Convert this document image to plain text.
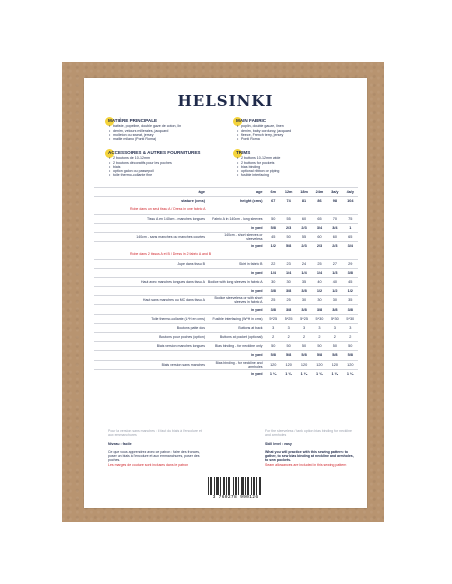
HELSINKI
MATIÈRE PRINCIPALE
• batiste, popeline, double gaze de coton, lin
• denim, velours milleraies, jacquard
• molleton ou sweat, jersey
• maille milano (Ponti Roma)
MAIN FABRIC
• poplin, double gauze, linen
• denim, baby corduroy, jacquard
• fleece, French terry, jersey
• Ponti Roma
ACCESSOIRES & AUTRES FOURNITURES
• 2 boutons de 10-12mm
• 2 boutons décoratifs pour les poches
• biais
• option galon ou passepoil
• toile thermo-collante fine
TRIMS
• 2 buttons 10-12mm wide
• 2 buttons for pockets
• bias binding
• optional ribbon or piping
• fusible interfacing
âge	age	6m	12m	18m	24m	3a/y	4a/y
stature (cms)	height (cms)	67	74	81	86	98	104
Robe dans un seul tissu A / Dress in one fabric A							
Tissu A en 140cm - manches longues	Fabric A in 140cm - long sleeves	50	55	60	65	70	75
	in yard	5/8	2/3	2/3	3/4	3/4	1
140cm - sans manches ou manches courtes	140cm - short sleeves or sleeveless	45	50	55	60	60	65
	in yard	1/2	5/8	2/3	2/3	2/3	3/4
Robe dans 2 tissus A et B / Dress in 2 fabric A and B							
Jupe dans tissu B	Skirt in fabric B	22	23	24	25	27	29
	in yard	1/4	1/4	1/4	1/4	1/3	3/8
Haut avec manches longues dans tissu A	Bodice with long sleeves in fabric A	30	30	35	40	40	45
	in yard	3/8	3/8	3/8	1/2	1/2	1/2
Haut sans manches ou MC dans tissu A	Bodice sleeveless or with short sleeves in fabric A	25	25	30	30	30	35
	in yard	3/8	3/8	3/8	3/8	3/8	3/8
Toile thermo-collante (L*H en cms)	Fusible interfacing (W*H in cms)	5*25	5*25	5*25	5*30	5*30	5*30
Boutons patte dos	Buttons at back	3	3	3	3	3	3
Boutons pour poches (option)	Buttons at pocket (optional)	2	2	2	2	2	2
Biais version manches longues	Bias binding - for neckline only	50	50	50	50	50	50
	in yard	5/8	5/8	5/8	5/8	5/8	5/8
Biais version sans manches	Bias binding - for neckline and armholes	120	120	120	120	120	120
	in yard	1 ³⁄₈	1 ³⁄₈	1 ³⁄₈	1 ³⁄₈	1 ³⁄₈	1 ³⁄₈
Pour la version sans manches : il faut du biais à l'encolure et aux emmanchures
Niveau : facile
Ce que vous apprendrez avec ce patron : faire des fronces, poser un biais à l'encolure et aux emmanchures, poser des poches.
Les marges de couture sont incluses dans le patron
For the sleeveless / tank option bias binding for neckline and armholes
Skill level : easy
What you will practice with this sewing pattern: to gather, to sew bias binding at neckline and armholes, to sew pockets.
Seam allowances are included in this sewing pattern
3 760278 990126
